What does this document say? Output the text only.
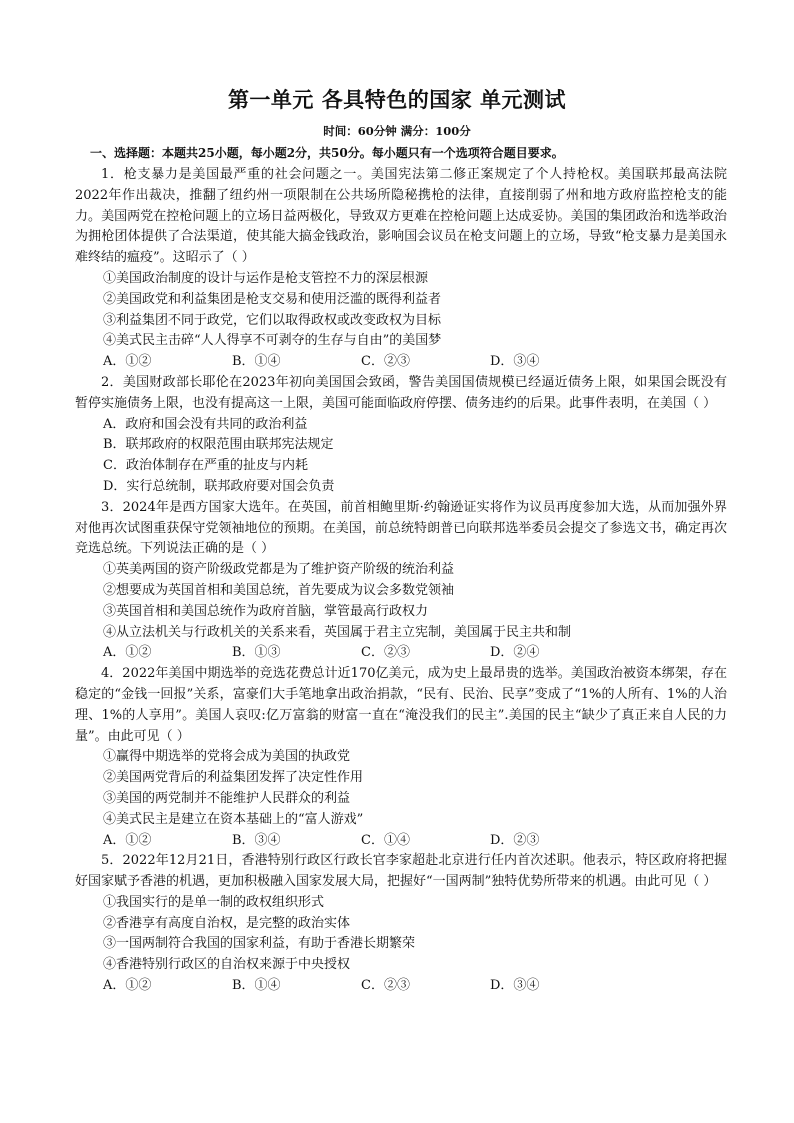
第一单元 各具特色的国家 单元测试
时间：60分钟 满分：100分
一、选择题：本题共25小题，每小题2分，共50分。每小题只有一个选项符合题目要求。

1．枪支暴力是美国最严重的社会问题之一。美国宪法第二修正案规定了个人持枪权。美国联邦最高法院2022年作出裁决，推翻了纽约州一项限制在公共场所隐秘携枪的法律，直接削弱了州和地方政府监控枪支的能力。美国两党在控枪问题上的立场日益两极化，导致双方更难在控枪问题上达成妥协。美国的集团政治和选举政治为拥枪团体提供了合法渠道，使其能大搞金钱政治，影响国会议员在枪支问题上的立场，导致“枪支暴力是美国永难终结的瘟疫”。这昭示了（ ）

①美国政治制度的设计与运作是枪支管控不力的深层根源
②美国政党和利益集团是枪支交易和使用泛滥的既得利益者
③利益集团不同于政党，它们以取得政权或改变政权为目标
④美式民主击碎“人人得享不可剥夺的生存与自由”的美国梦
A．①②	B．①④	C．②③	D．③④

2．美国财政部长耶伦在2023年初向美国国会致函，警告美国国债规模已经逼近债务上限，如果国会既没有暂停实施债务上限，也没有提高这一上限，美国可能面临政府停摆、债务违约的后果。此事件表明，在美国（ ）

A．政府和国会没有共同的政治利益
B．联邦政府的权限范围由联邦宪法规定
C．政治体制存在严重的扯皮与内耗
D．实行总统制，联邦政府要对国会负责

3．2024年是西方国家大选年。在英国，前首相鲍里斯·约翰逊证实将作为议员再度参加大选，从而加强外界对他再次试图重获保守党领袖地位的预期。在美国，前总统特朗普已向联邦选举委员会提交了参选文书，确定再次竞选总统。下列说法正确的是（ ）

①英美两国的资产阶级政党都是为了维护资产阶级的统治利益
②想要成为英国首相和美国总统，首先要成为议会多数党领袖
③英国首相和美国总统作为政府首脑，掌管最高行政权力
④从立法机关与行政机关的关系来看，英国属于君主立宪制，美国属于民主共和制
A．①②	B．①③	C．②③	D．②④

4．2022年美国中期选举的竞选花费总计近170亿美元，成为史上最昂贵的选举。美国政治被资本绑架，存在稳定的“金钱一回报”关系，富豪们大手笔地拿出政治捐款，“民有、民治、民享”变成了“1%的人所有、1%的人治理、1%的人享用”。美国人哀叹:亿万富翁的财富一直在“淹没我们的民主”.美国的民主“缺少了真正来自人民的力量”。由此可见（ ）

①赢得中期选举的党将会成为美国的执政党
②美国两党背后的利益集团发挥了决定性作用
③美国的两党制并不能维护人民群众的利益
④美式民主是建立在资本基础上的“富人游戏”
A．①②	B．③④	C．①④	D．②③

5．2022年12月21日，香港特别行政区行政长官李家超赴北京进行任内首次述职。他表示，特区政府将把握好国家赋予香港的机遇，更加积极融入国家发展大局，把握好“一国两制”独特优势所带来的机遇。由此可见（ ）

①我国实行的是单一制的政权组织形式
②香港享有高度自治权，是完整的政治实体
③一国两制符合我国的国家利益，有助于香港长期繁荣
④香港特别行政区的自治权来源于中央授权
A．①②	B．①④	C．②③	D．③④
